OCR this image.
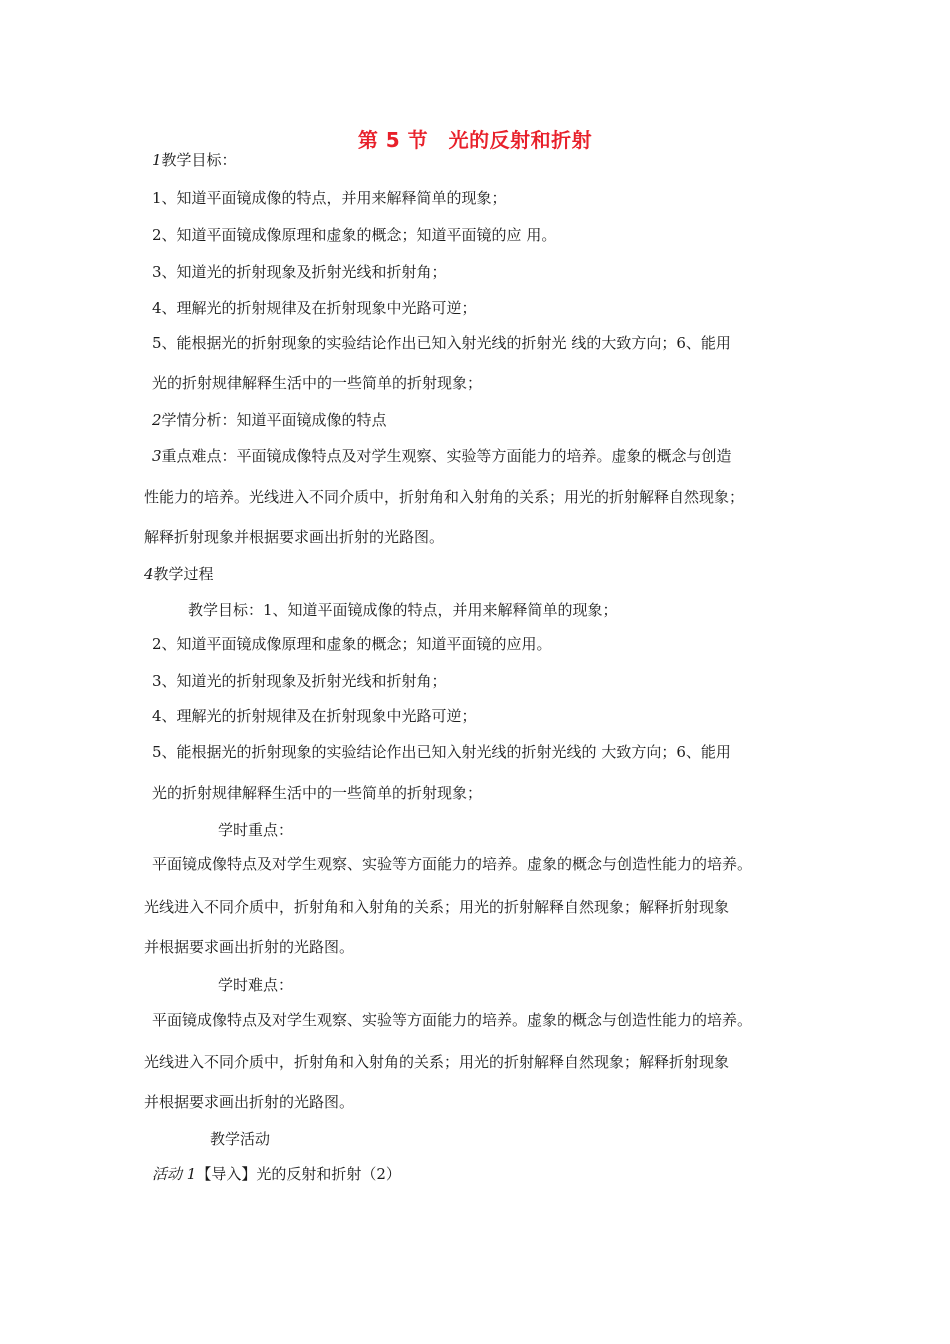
第 5 节　光的反射和折射
1教学目标：
1、知道平面镜成像的特点，并用来解释简单的现象；
2、知道平面镜成像原理和虚象的概念；知道平面镜的应 用。
3、知道光的折射现象及折射光线和折射角；
4、理解光的折射规律及在折射现象中光路可逆；
5、能根据光的折射现象的实验结论作出已知入射光线的折射光 线的大致方向；6、能用
光的折射规律解释生活中的一些简单的折射现象；
2学情分析：知道平面镜成像的特点
3重点难点：平面镜成像特点及对学生观察、实验等方面能力的培养。虚象的概念与创造
性能力的培养。光线进入不同介质中，折射角和入射角的关系；用光的折射解释自然现象；
解释折射现象并根据要求画出折射的光路图。
4教学过程
教学目标：1、知道平面镜成像的特点，并用来解释简单的现象；
2、知道平面镜成像原理和虚象的概念；知道平面镜的应用。
3、知道光的折射现象及折射光线和折射角；
4、理解光的折射规律及在折射现象中光路可逆；
5、能根据光的折射现象的实验结论作出已知入射光线的折射光线的 大致方向；6、能用
光的折射规律解释生活中的一些简单的折射现象；
学时重点：
平面镜成像特点及对学生观察、实验等方面能力的培养。虚象的概念与创造性能力的培养。
光线进入不同介质中，折射角和入射角的关系；用光的折射解释自然现象；解释折射现象
并根据要求画出折射的光路图。
学时难点：
平面镜成像特点及对学生观察、实验等方面能力的培养。虚象的概念与创造性能力的培养。
光线进入不同介质中，折射角和入射角的关系；用光的折射解释自然现象；解释折射现象
并根据要求画出折射的光路图。
教学活动
活动 1【导入】光的反射和折射（2）
